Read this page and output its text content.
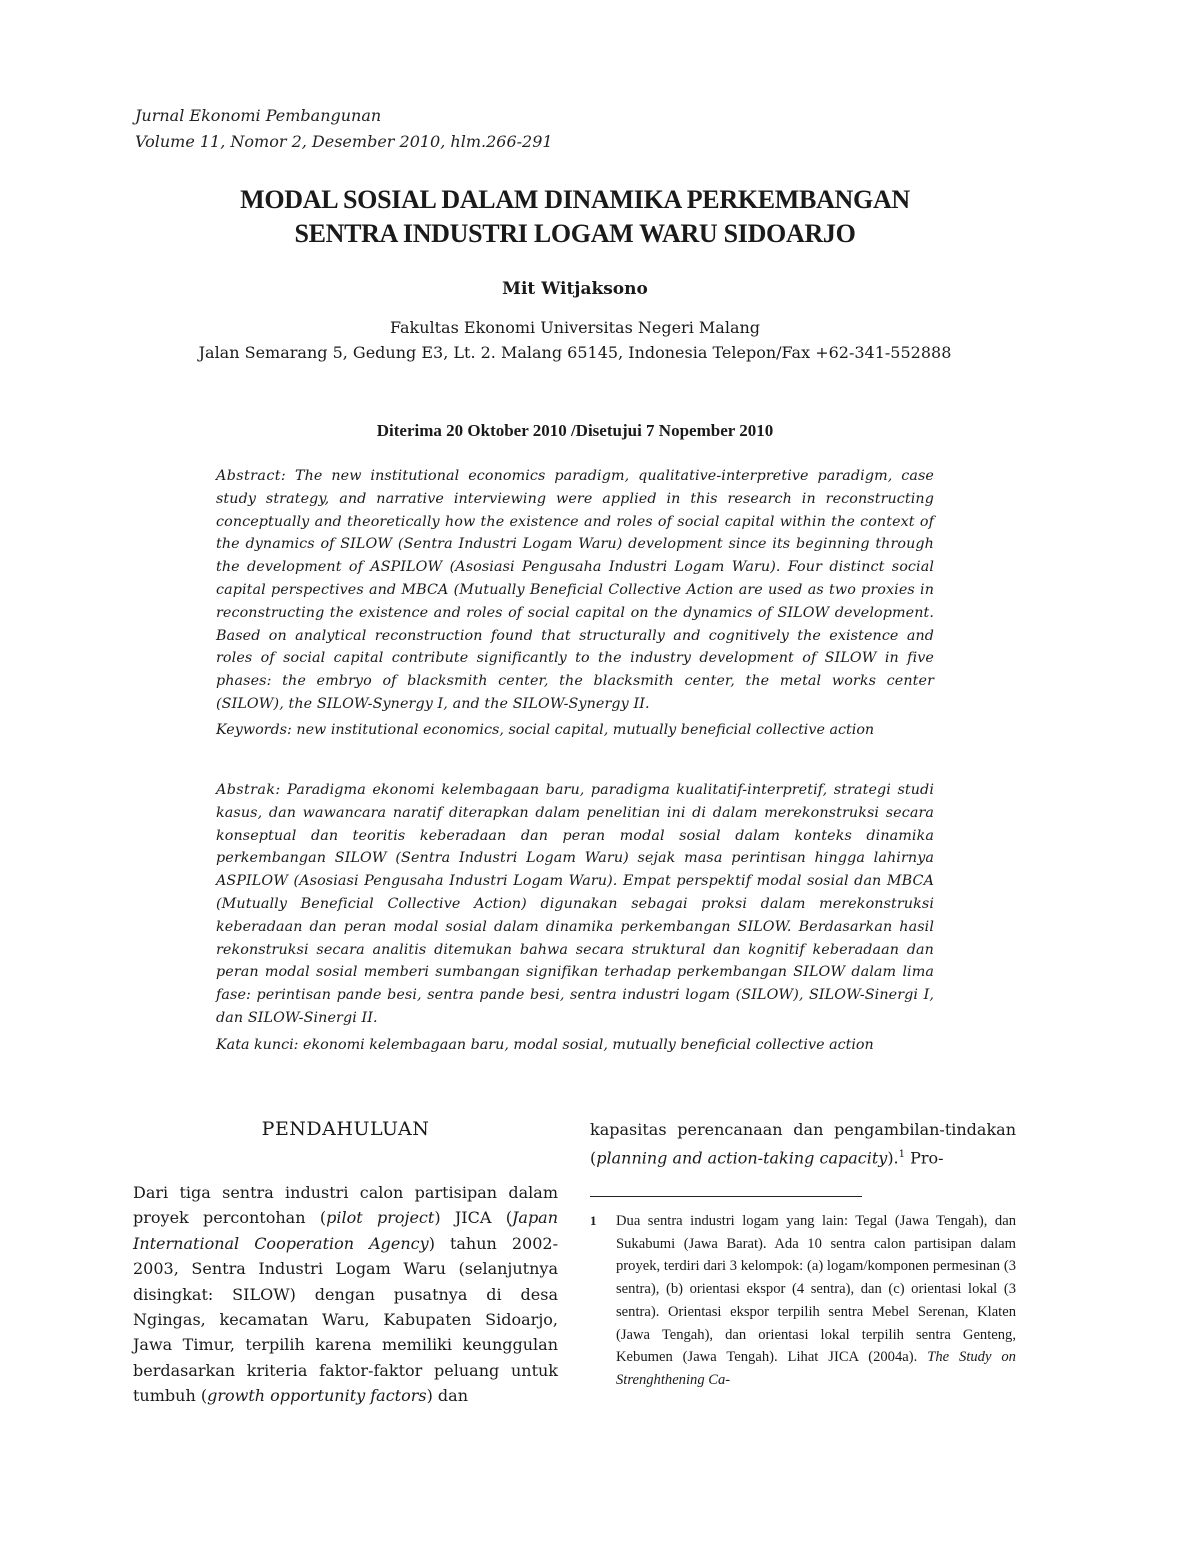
Jurnal Ekonomi Pembangunan
Volume 11, Nomor 2, Desember 2010, hlm.266-291
MODAL SOSIAL DALAM DINAMIKA PERKEMBANGAN
SENTRA INDUSTRI LOGAM WARU SIDOARJO
Mit Witjaksono
Fakultas Ekonomi Universitas Negeri Malang
Jalan Semarang 5, Gedung E3, Lt. 2. Malang 65145, Indonesia Telepon/Fax +62-341-552888
Diterima 20 Oktober 2010 /Disetujui 7 Nopember 2010
Abstract: The new institutional economics paradigm, qualitative-interpretive paradigm, case study strategy, and narrative interviewing were applied in this research in reconstructing conceptually and theoretically how the existence and roles of social capital within the context of the dynamics of SILOW (Sentra Industri Logam Waru) development since its beginning through the development of ASPILOW (Asosiasi Pengusaha Industri Logam Waru). Four distinct social capital perspectives and MBCA (Mutually Beneficial Collective Action are used as two proxies in reconstructing the existence and roles of social capital on the dynamics of SILOW development. Based on analytical reconstruction found that structurally and cognitively the existence and roles of social capital contribute significantly to the industry development of SILOW in five phases: the embryo of blacksmith center, the blacksmith center, the metal works center (SILOW), the SILOW-Synergy I, and the SILOW-Synergy II.
Keywords: new institutional economics, social capital, mutually beneficial collective action
Abstrak: Paradigma ekonomi kelembagaan baru, paradigma kualitatif-interpretif, strategi studi kasus, dan wawancara naratif diterapkan dalam penelitian ini di dalam merekonstruksi secara konseptual dan teoritis keberadaan dan peran modal sosial dalam konteks dinamika perkembangan SILOW (Sentra Industri Logam Waru) sejak masa perintisan hingga lahirnya ASPILOW (Asosiasi Pengusaha Industri Logam Waru). Empat perspektif modal sosial dan MBCA (Mutually Beneficial Collective Action) digunakan sebagai proksi dalam merekonstruksi keberadaan dan peran modal sosial dalam dinamika perkembangan SILOW. Berdasarkan hasil rekonstruksi secara analitis ditemukan bahwa secara struktural dan kognitif keberadaan dan peran modal sosial memberi sumbangan signifikan terhadap perkembangan SILOW dalam lima fase: perintisan pande besi, sentra pande besi, sentra industri logam (SILOW), SILOW-Sinergi I, dan SILOW-Sinergi II.
Kata kunci: ekonomi kelembagaan baru, modal sosial, mutually beneficial collective action
PENDAHULUAN
Dari tiga sentra industri calon partisipan dalam proyek percontohan (pilot project) JICA (Japan International Cooperation Agency) tahun 2002-2003, Sentra Industri Logam Waru (selanjutnya disingkat: SILOW) dengan pusatnya di desa Ngingas, kecamatan Waru, Kabupaten Sidoarjo, Jawa Timur, terpilih karena memiliki keunggulan berdasarkan kriteria faktor-faktor peluang untuk tumbuh (growth opportunity factors) dan
kapasitas perencanaan dan pengambilan-tindakan (planning and action-taking capacity).$^1$ Pro-
1 Dua sentra industri logam yang lain: Tegal (Jawa Tengah), dan Sukabumi (Jawa Barat). Ada 10 sentra calon partisipan dalam proyek, terdiri dari 3 kelompok: (a) logam/komponen permesinan (3 sentra), (b) orientasi ekspor (4 sentra), dan (c) orientasi lokal (3 sentra). Orientasi ekspor terpilih sentra Mebel Serenan, Klaten (Jawa Tengah), dan orientasi lokal terpilih sentra Genteng, Kebumen (Jawa Tengah). Lihat JICA (2004a). The Study on Strenghthening Ca-
